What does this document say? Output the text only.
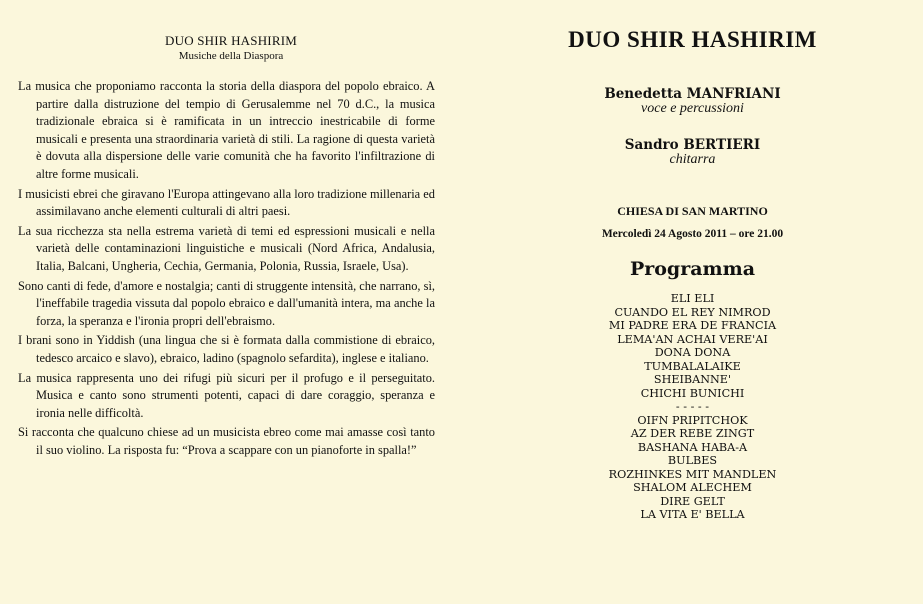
DUO SHIR HASHIRIM
Musiche della Diaspora

La musica che proponiamo racconta la storia della diaspora del popolo ebraico. A partire dalla distruzione del tempio di Gerusalemme nel 70 d.C., la musica tradizionale ebraica si è ramificata in un intreccio inestricabile di forme musicali e presenta una straordinaria varietà di stili. La ragione di questa varietà è dovuta alla dispersione delle varie comunità che ha favorito l'infiltrazione di altre forme musicali.

I musicisti ebrei che giravano l'Europa attingevano alla loro tradizione millenaria ed assimilavano anche elementi culturali di altri paesi.

La sua ricchezza sta nella estrema varietà di temi ed espressioni musicali e nella varietà delle contaminazioni linguistiche e musicali (Nord Africa, Andalusia, Italia, Balcani, Ungheria, Cechia, Germania, Polonia, Russia, Israele, Usa).

Sono canti di fede, d'amore e nostalgia; canti di struggente intensità, che narrano, sì, l'ineffabile tragedia vissuta dal popolo ebraico e dall'umanità intera, ma anche la forza, la speranza e l'ironia propri dell'ebraismo.

I brani sono in Yiddish (una lingua che si è formata dalla commistione di ebraico, tedesco arcaico e slavo), ebraico, ladino (spagnolo sefardita), inglese e italiano.

La musica rappresenta uno dei rifugi più sicuri per il profugo e il perseguitato. Musica e canto sono strumenti potenti, capaci di dare coraggio, speranza e ironia nelle difficoltà.

Si racconta che qualcuno chiese ad un musicista ebreo come mai amasse così tanto il suo violino. La risposta fu: “Prova a scappare con un pianoforte in spalla!”

DUO SHIR HASHIRIM
Benedetta MANFRIANI
voce e percussioni
Sandro BERTIERI
chitarra
CHIESA DI SAN MARTINO
Mercoledì 24 Agosto 2011 – ore 21.00
Programma
ELI ELI
CUANDO EL REY NIMROD
MI PADRE ERA DE FRANCIA
LEMA'AN ACHAI VERE'AI
DONA DONA
TUMBALALAIKE
SHEIBANNE'
CHICHI BUNICHI
- - - - -
OIFN PRIPITCHOK
AZ DER REBE ZINGT
BASHANA HABA-A
BULBES
ROZHINKES MIT MANDLEN
SHALOM ALECHEM
DIRE GELT
LA VITA E' BELLA
